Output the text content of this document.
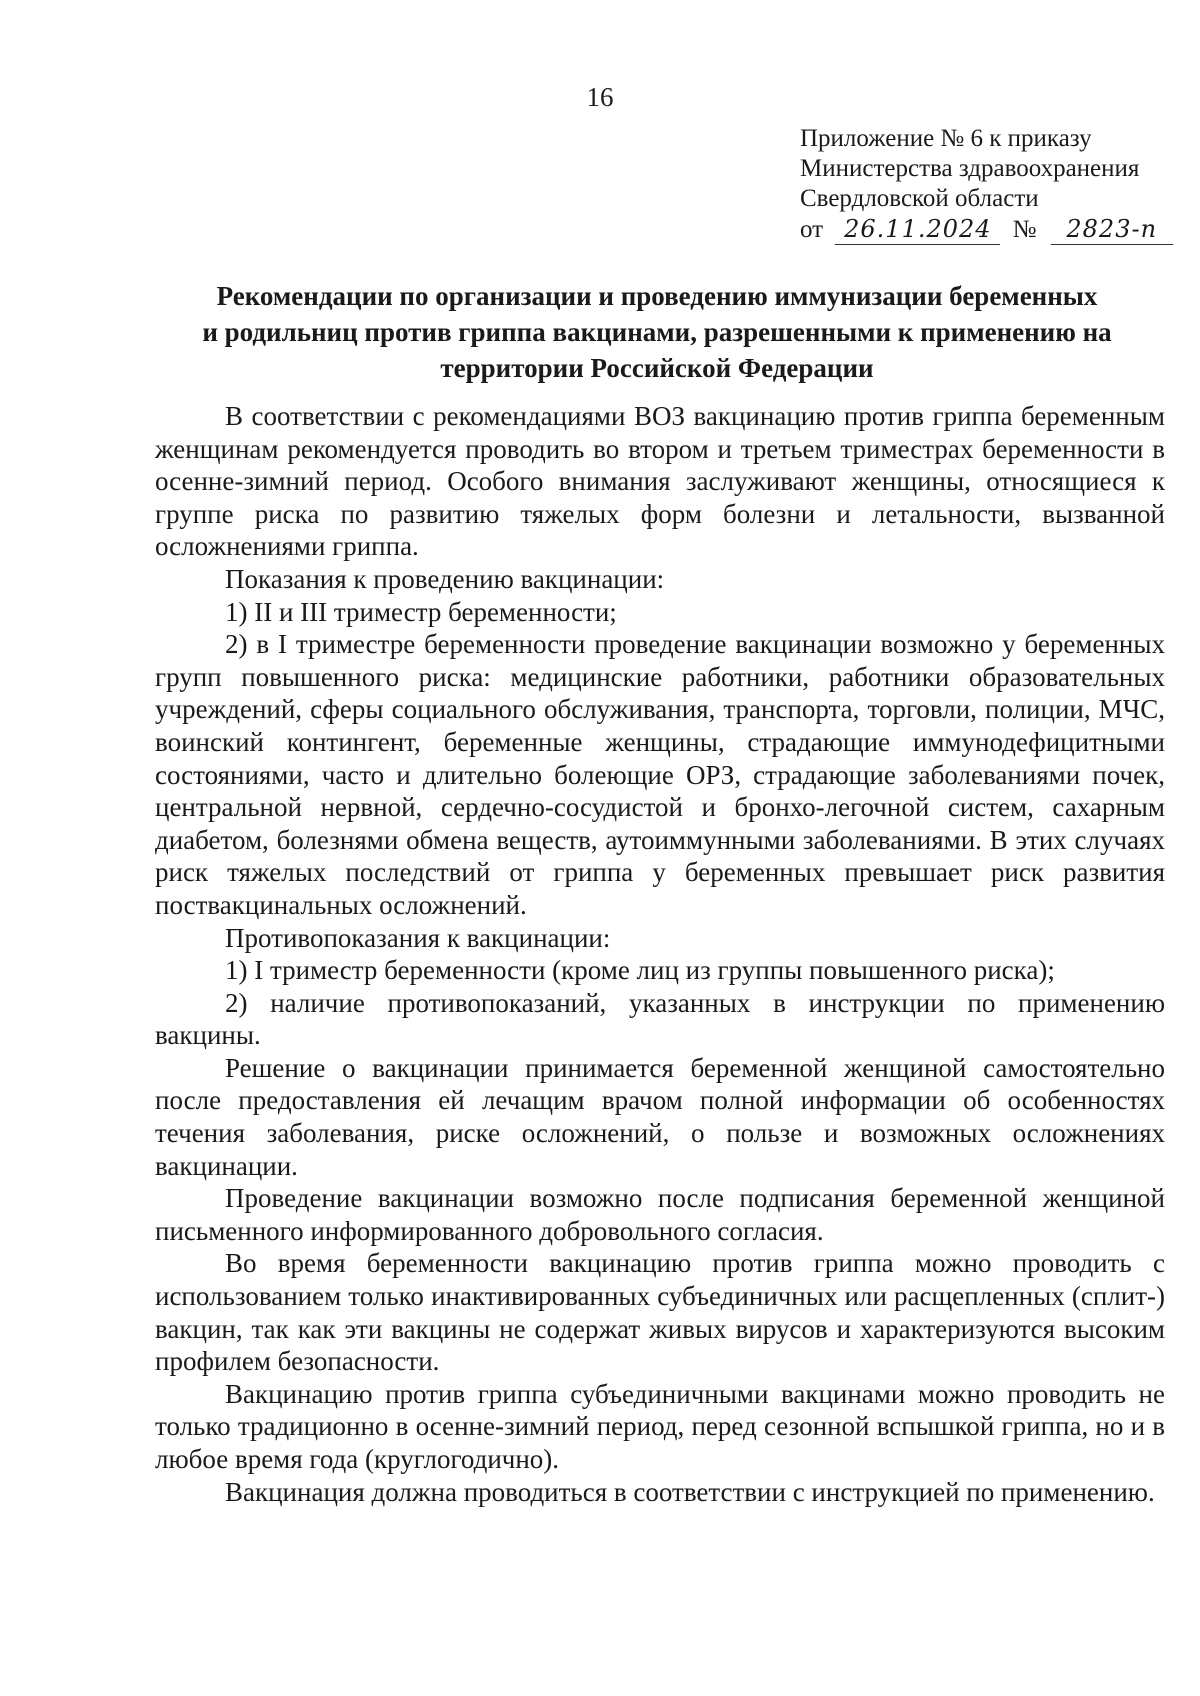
16
Приложение № 6 к приказу
Министерства здравоохранения
Свердловской области
от 26.11.2024 № 2823-п
Рекомендации по организации и проведению иммунизации беременных
и родильниц против гриппа вакцинами, разрешенными к применению на
территории Российской Федерации

В соответствии с рекомендациями ВОЗ вакцинацию против гриппа беременным женщинам рекомендуется проводить во втором и третьем триместрах беременности в осенне-зимний период. Особого внимания заслуживают женщины, относящиеся к группе риска по развитию тяжелых форм болезни и летальности, вызванной осложнениями гриппа.

Показания к проведению вакцинации:

1) II и III триместр беременности;

2) в I триместре беременности проведение вакцинации возможно у беременных групп повышенного риска: медицинские работники, работники образовательных учреждений, сферы социального обслуживания, транспорта, торговли, полиции, МЧС, воинский контингент, беременные женщины, страдающие иммунодефицитными состояниями, часто и длительно болеющие ОРЗ, страдающие заболеваниями почек, центральной нервной, сердечно-сосудистой и бронхо-легочной систем, сахарным диабетом, болезнями обмена веществ, аутоиммунными заболеваниями. В этих случаях риск тяжелых последствий от гриппа у беременных превышает риск развития поствакцинальных осложнений.

Противопоказания к вакцинации:

1) I триместр беременности (кроме лиц из группы повышенного риска);

2) наличие противопоказаний, указанных в инструкции по применению вакцины.

Решение о вакцинации принимается беременной женщиной самостоятельно после предоставления ей лечащим врачом полной информации об особенностях течения заболевания, риске осложнений, о пользе и возможных осложнениях вакцинации.

Проведение вакцинации возможно после подписания беременной женщиной письменного информированного добровольного согласия.

Во время беременности вакцинацию против гриппа можно проводить с использованием только инактивированных субъединичных или расщепленных (сплит-) вакцин, так как эти вакцины не содержат живых вирусов и характеризуются высоким профилем безопасности.

Вакцинацию против гриппа субъединичными вакцинами можно проводить не только традиционно в осенне-зимний период, перед сезонной вспышкой гриппа, но и в любое время года (круглогодично).

Вакцинация должна проводиться в соответствии с инструкцией по применению.
